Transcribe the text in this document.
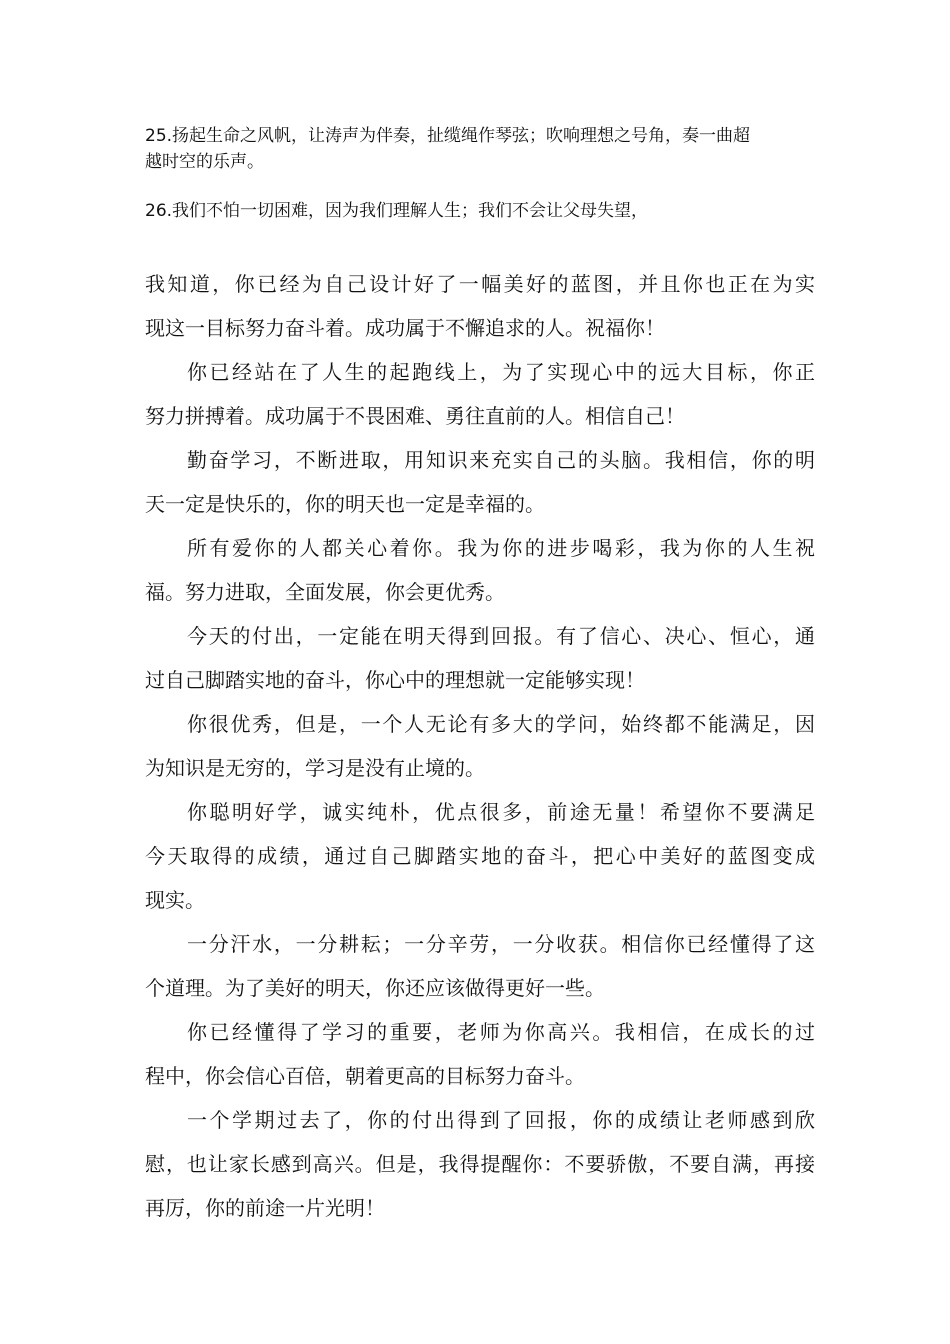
25.扬起生命之风帆，让涛声为伴奏，扯缆绳作琴弦；吹响理想之号角，奏一曲超
越时空的乐声。
26.我们不怕一切困难，因为我们理解人生；我们不会让父母失望，
我知道，你已经为自己设计好了一幅美好的蓝图，并且你也正在为实
现这一目标努力奋斗着。成功属于不懈追求的人。祝福你！
你已经站在了人生的起跑线上，为了实现心中的远大目标，你正
努力拼搏着。成功属于不畏困难、勇往直前的人。相信自己！
勤奋学习，不断进取，用知识来充实自己的头脑。我相信，你的明
天一定是快乐的，你的明天也一定是幸福的。
所有爱你的人都关心着你。我为你的进步喝彩，我为你的人生祝
福。努力进取，全面发展，你会更优秀。
今天的付出，一定能在明天得到回报。有了信心、决心、恒心，通
过自己脚踏实地的奋斗，你心中的理想就一定能够实现！
你很优秀，但是，一个人无论有多大的学问，始终都不能满足，因
为知识是无穷的，学习是没有止境的。
你聪明好学，诚实纯朴，优点很多，前途无量！希望你不要满足
今天取得的成绩，通过自己脚踏实地的奋斗，把心中美好的蓝图变成
现实。
一分汗水，一分耕耘；一分辛劳，一分收获。相信你已经懂得了这
个道理。为了美好的明天，你还应该做得更好一些。
你已经懂得了学习的重要，老师为你高兴。我相信，在成长的过
程中，你会信心百倍，朝着更高的目标努力奋斗。
一个学期过去了，你的付出得到了回报，你的成绩让老师感到欣
慰，也让家长感到高兴。但是，我得提醒你：不要骄傲，不要自满，再接
再厉，你的前途一片光明！
